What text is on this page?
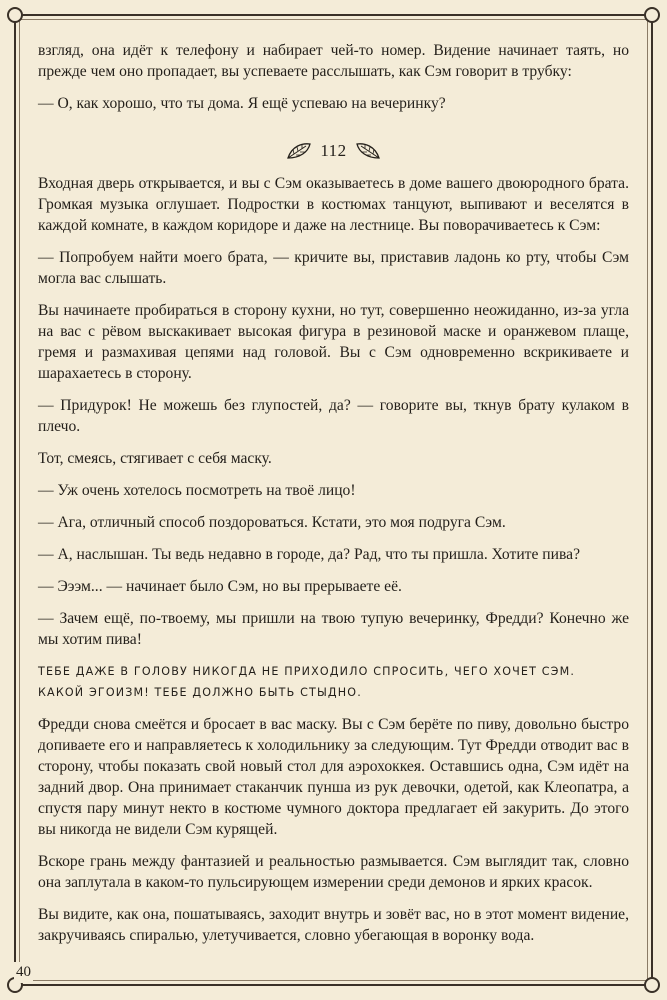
взгляд, она идёт к телефону и набирает чей-то номер. Видение начинает таять, но прежде чем оно пропадает, вы успеваете расслышать, как Сэм говорит в трубку:

— О, как хорошо, что ты дома. Я ещё успеваю на вечеринку?

112

Входная дверь открывается, и вы с Сэм оказываетесь в доме вашего двоюродного брата. Громкая музыка оглушает. Подростки в костюмах танцуют, выпивают и веселятся в каждой комнате, в каждом коридоре и даже на лестнице. Вы поворачиваетесь к Сэм:

— Попробуем найти моего брата, — кричите вы, приставив ладонь ко рту, чтобы Сэм могла вас слышать.

Вы начинаете пробираться в сторону кухни, но тут, совершенно неожиданно, из-за угла на вас с рёвом выскакивает высокая фигура в резиновой маске и оранжевом плаще, гремя и размахивая цепями над головой. Вы с Сэм одновременно вскрикиваете и шарахаетесь в сторону.

— Придурок! Не можешь без глупостей, да? — говорите вы, ткнув брату кулаком в плечо.

Тот, смеясь, стягивает с себя маску.

— Уж очень хотелось посмотреть на твоё лицо!

— Ага, отличный способ поздороваться. Кстати, это моя подруга Сэм.

— А, наслышан. Ты ведь недавно в городе, да? Рад, что ты пришла. Хотите пива?

— Эээм... — начинает было Сэм, но вы прерываете её.

— Зачем ещё, по-твоему, мы пришли на твою тупую вечеринку, Фредди? Конечно же мы хотим пива!

ТЕБЕ ДАЖЕ В ГОЛОВУ НИКОГДА НЕ ПРИХОДИЛО СПРОСИТЬ, ЧЕГО ХОЧЕТ СЭМ. КАКОЙ ЭГОИЗМ! ТЕБЕ ДОЛЖНО БЫТЬ СТЫДНО.

Фредди снова смеётся и бросает в вас маску. Вы с Сэм берёте по пиву, довольно быстро допиваете его и направляетесь к холодильнику за следующим. Тут Фредди отводит вас в сторону, чтобы показать свой новый стол для аэрохоккея. Оставшись одна, Сэм идёт на задний двор. Она принимает стаканчик пунша из рук девочки, одетой, как Клеопатра, а спустя пару минут некто в костюме чумного доктора предлагает ей закурить. До этого вы никогда не видели Сэм курящей.

Вскоре грань между фантазией и реальностью размывается. Сэм выглядит так, словно она заплутала в каком-то пульсирующем измерении среди демонов и ярких красок.

Вы видите, как она, пошатываясь, заходит внутрь и зовёт вас, но в этот момент видение, закручиваясь спиралью, улетучивается, словно убегающая в воронку вода.

40
